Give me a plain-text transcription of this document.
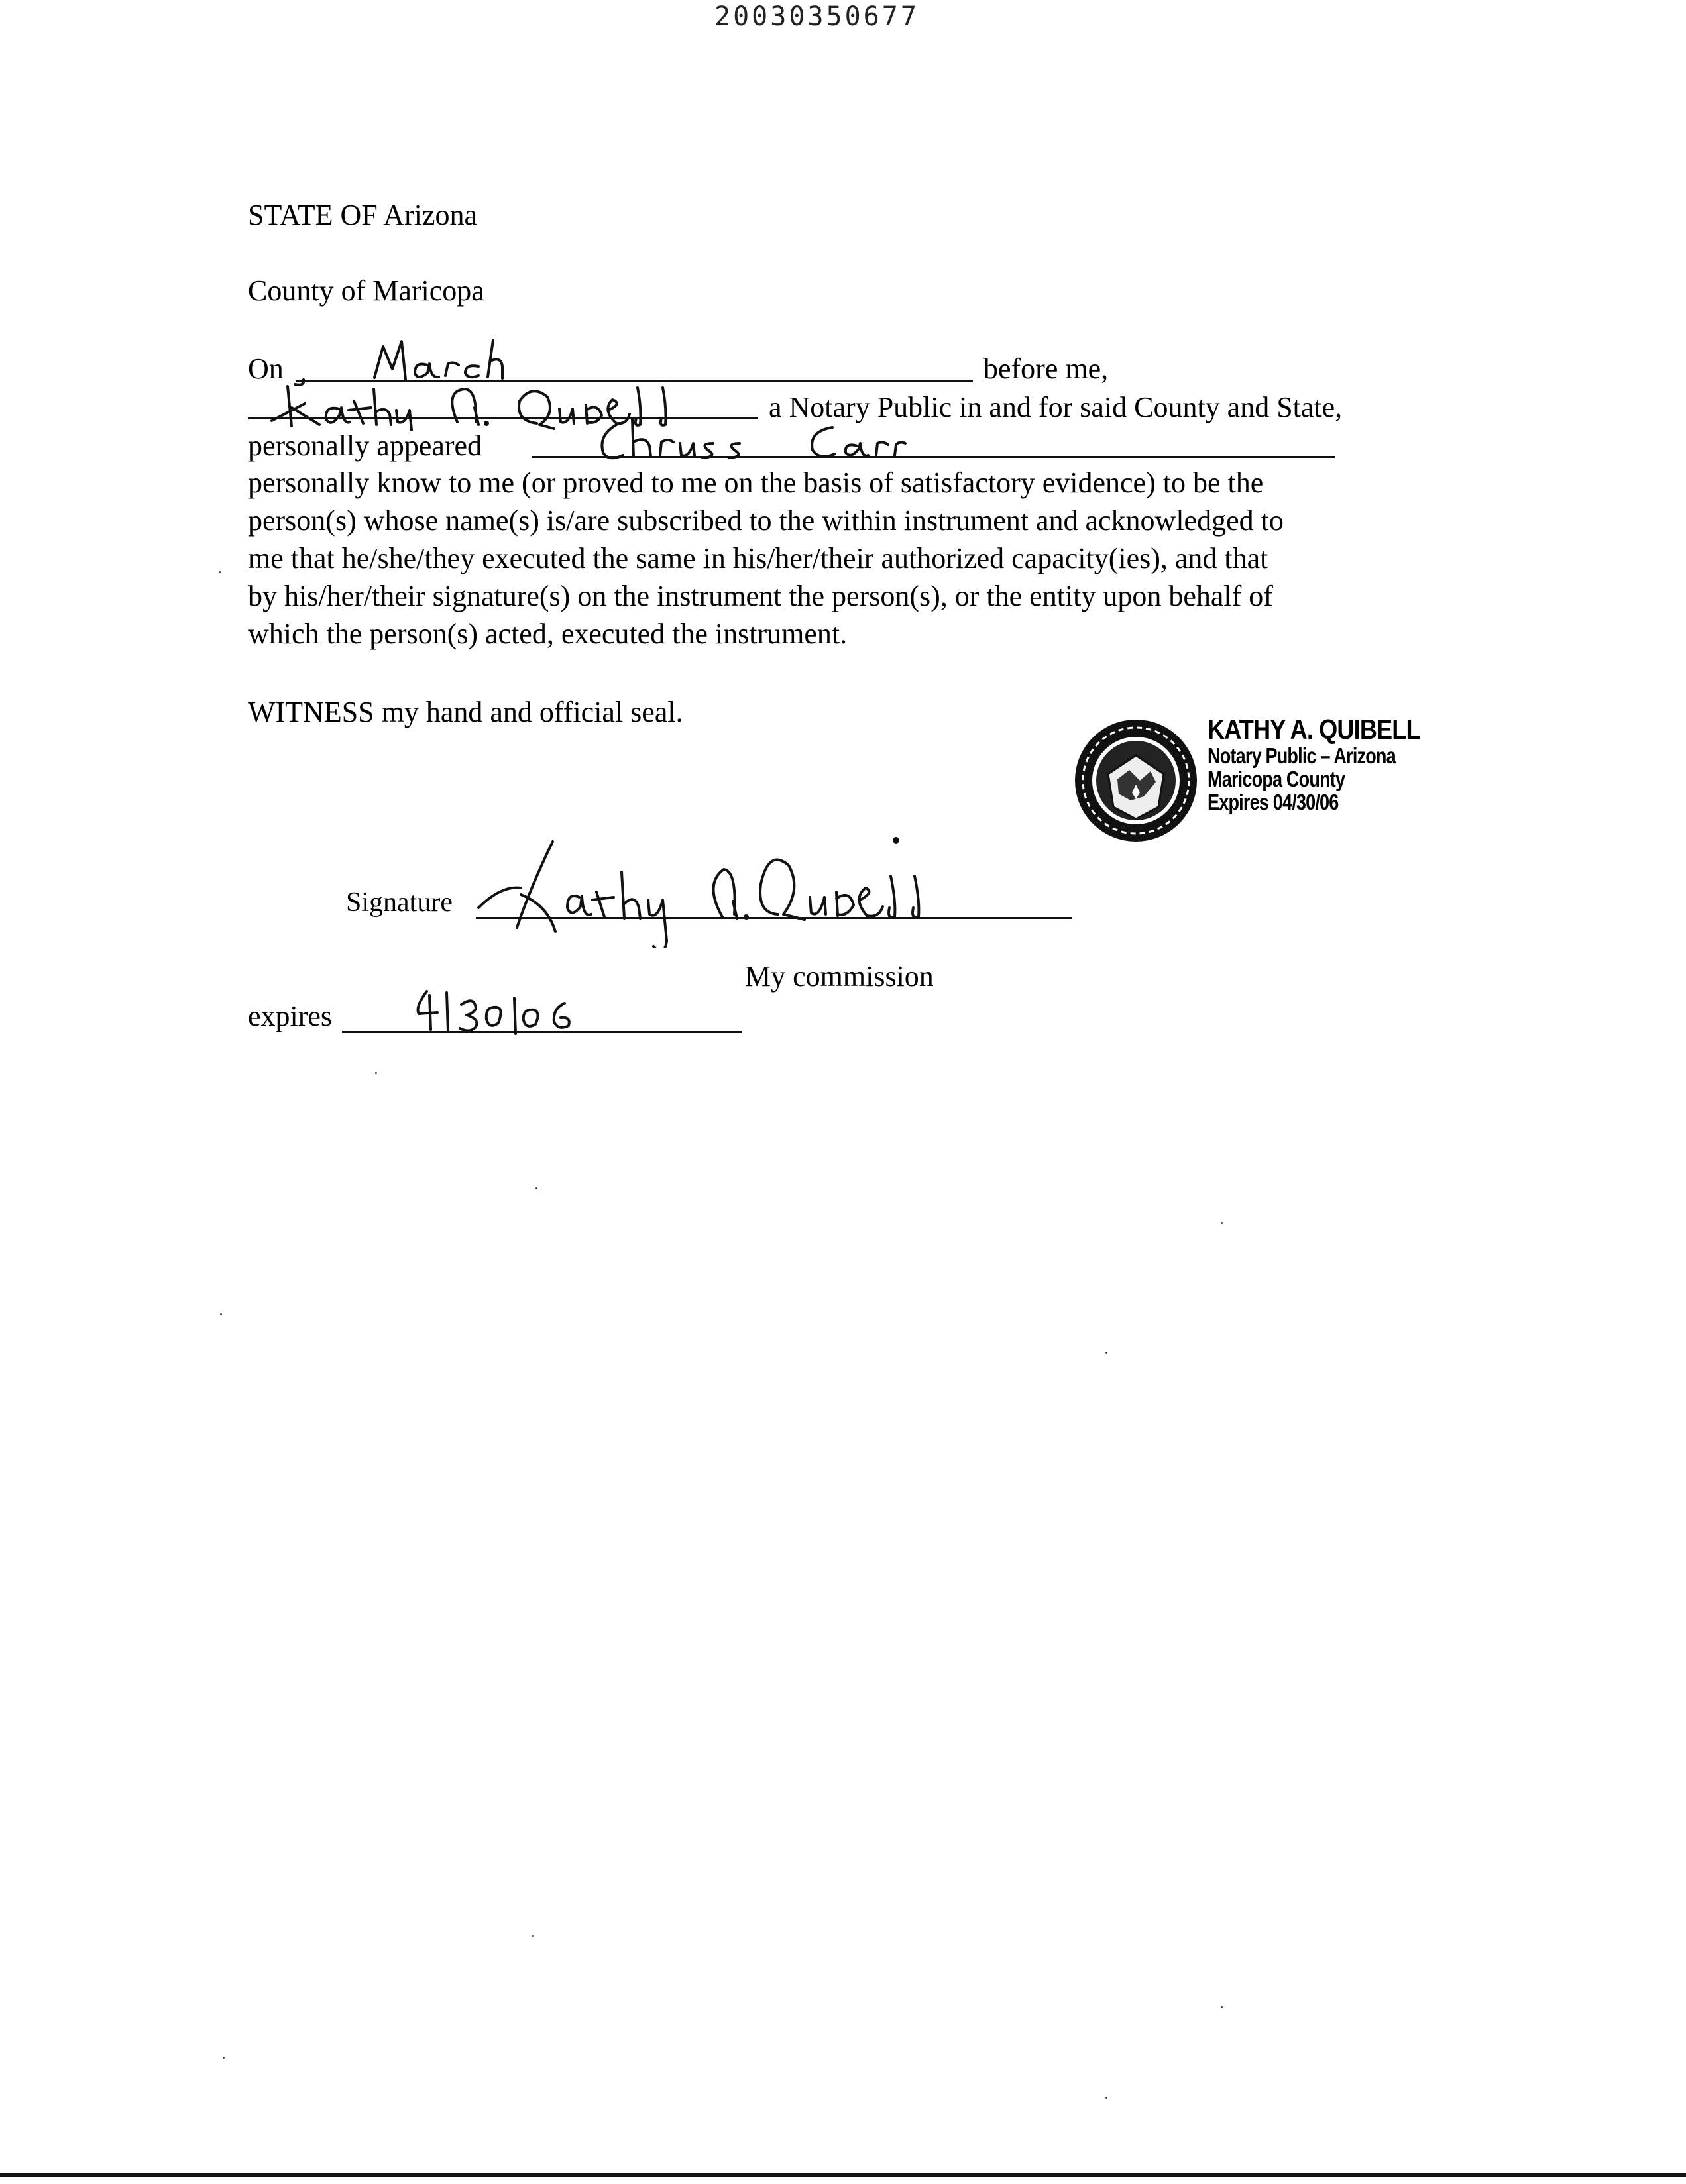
20030350677
STATE OF Arizona
County of Maricopa
On	before me,
a Notary Public in and for said County and State,
personally appeared
personally know to me (or proved to me on the basis of satisfactory evidence) to be the
person(s) whose name(s) is/are subscribed to the within instrument and acknowledged to
me that he/she/they executed the same in his/her/their authorized capacity(ies), and that
by his/her/their signature(s) on the instrument the person(s), or the entity upon behalf of
which the person(s) acted, executed the instrument.
WITNESS my hand and official seal.
KATHY A. QUIBELL
Notary Public – Arizona
Maricopa County
Expires 04/30/06
Signature
My commission
expires
